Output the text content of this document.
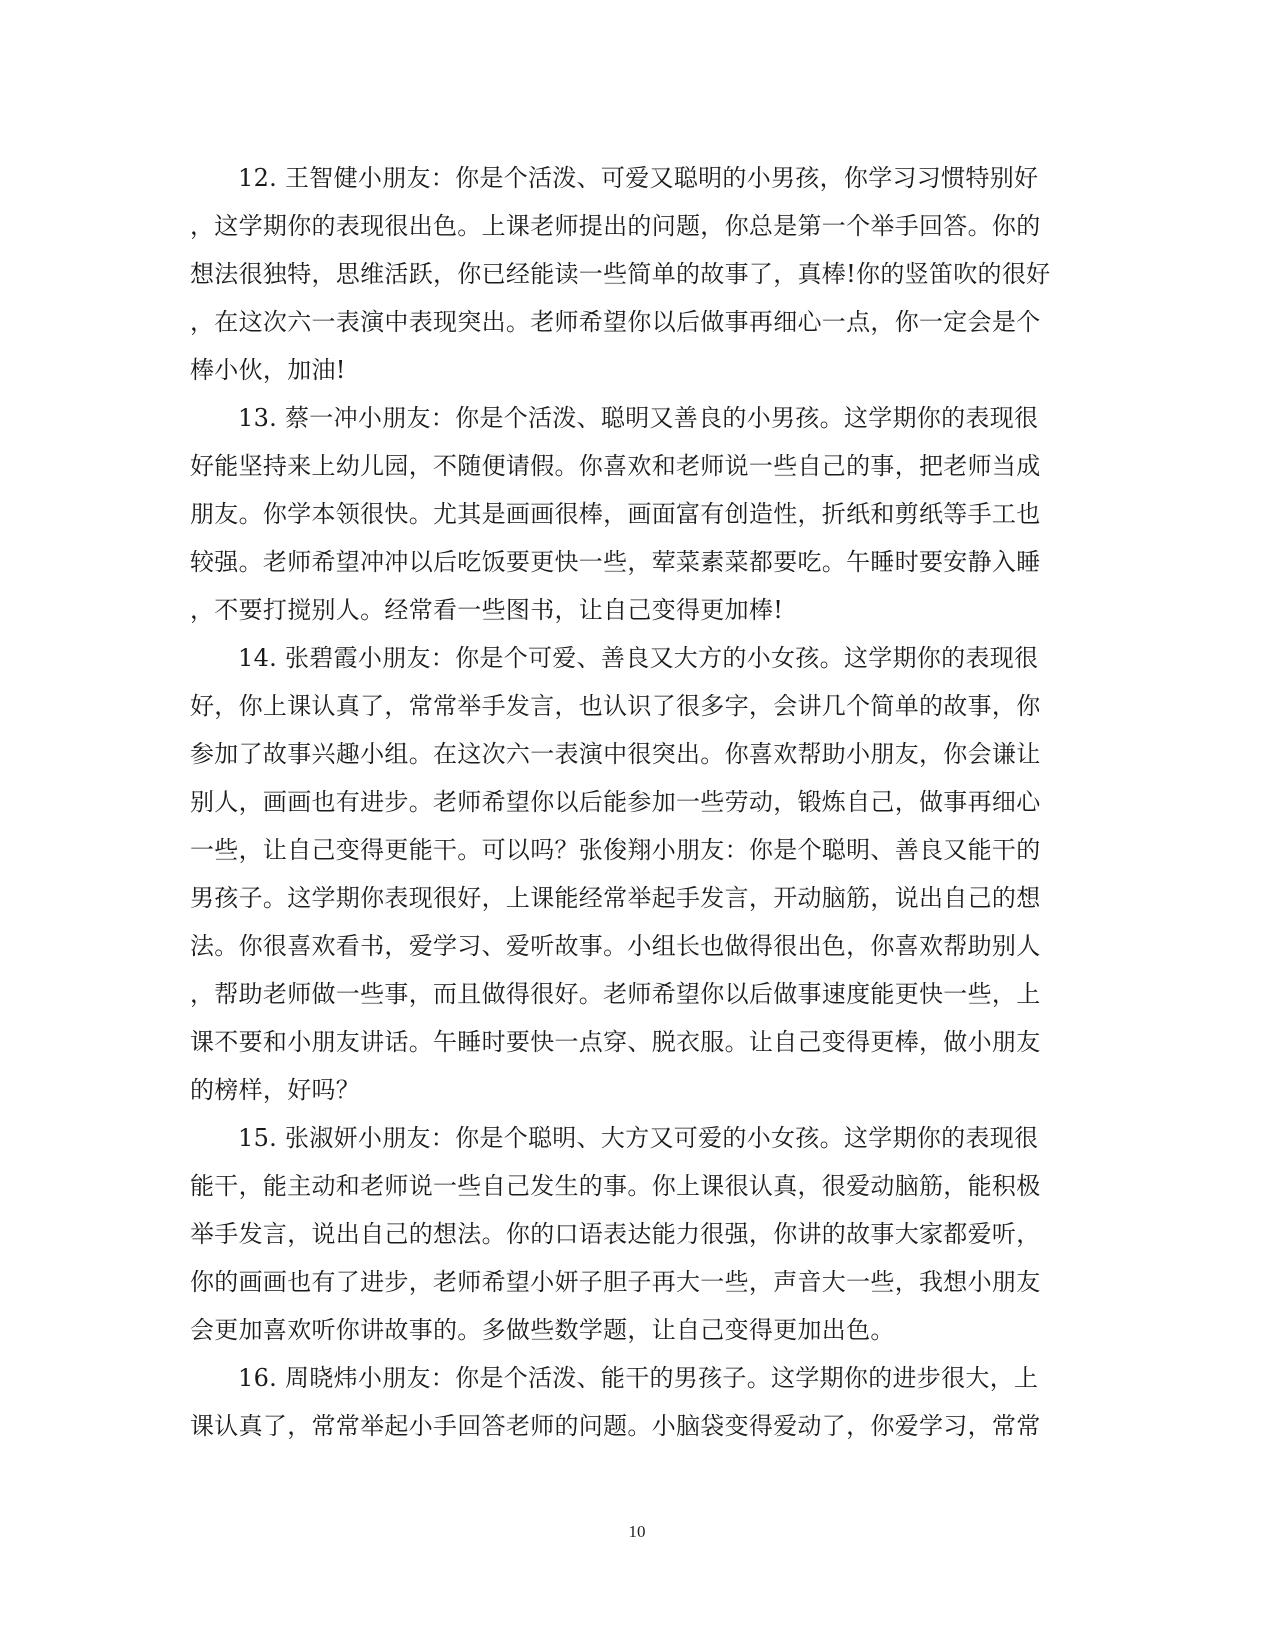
12. 王智健小朋友：你是个活泼、可爱又聪明的小男孩，你学习习惯特别好
，这学期你的表现很出色。上课老师提出的问题，你总是第一个举手回答。你的
想法很独特，思维活跃，你已经能读一些简单的故事了，真棒!你的竖笛吹的很好
，在这次六一表演中表现突出。老师希望你以后做事再细心一点，你一定会是个
棒小伙，加油!
13. 蔡一冲小朋友：你是个活泼、聪明又善良的小男孩。这学期你的表现很
好能坚持来上幼儿园，不随便请假。你喜欢和老师说一些自己的事，把老师当成
朋友。你学本领很快。尤其是画画很棒，画面富有创造性，折纸和剪纸等手工也
较强。老师希望冲冲以后吃饭要更快一些，荤菜素菜都要吃。午睡时要安静入睡
，不要打搅别人。经常看一些图书，让自己变得更加棒!
14. 张碧霞小朋友：你是个可爱、善良又大方的小女孩。这学期你的表现很
好，你上课认真了，常常举手发言，也认识了很多字，会讲几个简单的故事，你
参加了故事兴趣小组。在这次六一表演中很突出。你喜欢帮助小朋友，你会谦让
别人，画画也有进步。老师希望你以后能参加一些劳动，锻炼自己，做事再细心
一些，让自己变得更能干。可以吗？张俊翔小朋友：你是个聪明、善良又能干的
男孩子。这学期你表现很好，上课能经常举起手发言，开动脑筋，说出自己的想
法。你很喜欢看书，爱学习、爱听故事。小组长也做得很出色，你喜欢帮助别人
，帮助老师做一些事，而且做得很好。老师希望你以后做事速度能更快一些，上
课不要和小朋友讲话。午睡时要快一点穿、脱衣服。让自己变得更棒，做小朋友
的榜样，好吗？
15. 张淑妍小朋友：你是个聪明、大方又可爱的小女孩。这学期你的表现很
能干，能主动和老师说一些自己发生的事。你上课很认真，很爱动脑筋，能积极
举手发言，说出自己的想法。你的口语表达能力很强，你讲的故事大家都爱听，
你的画画也有了进步，老师希望小妍子胆子再大一些，声音大一些，我想小朋友
会更加喜欢听你讲故事的。多做些数学题，让自己变得更加出色。
16. 周晓炜小朋友：你是个活泼、能干的男孩子。这学期你的进步很大，上
课认真了，常常举起小手回答老师的问题。小脑袋变得爱动了，你爱学习，常常
10
